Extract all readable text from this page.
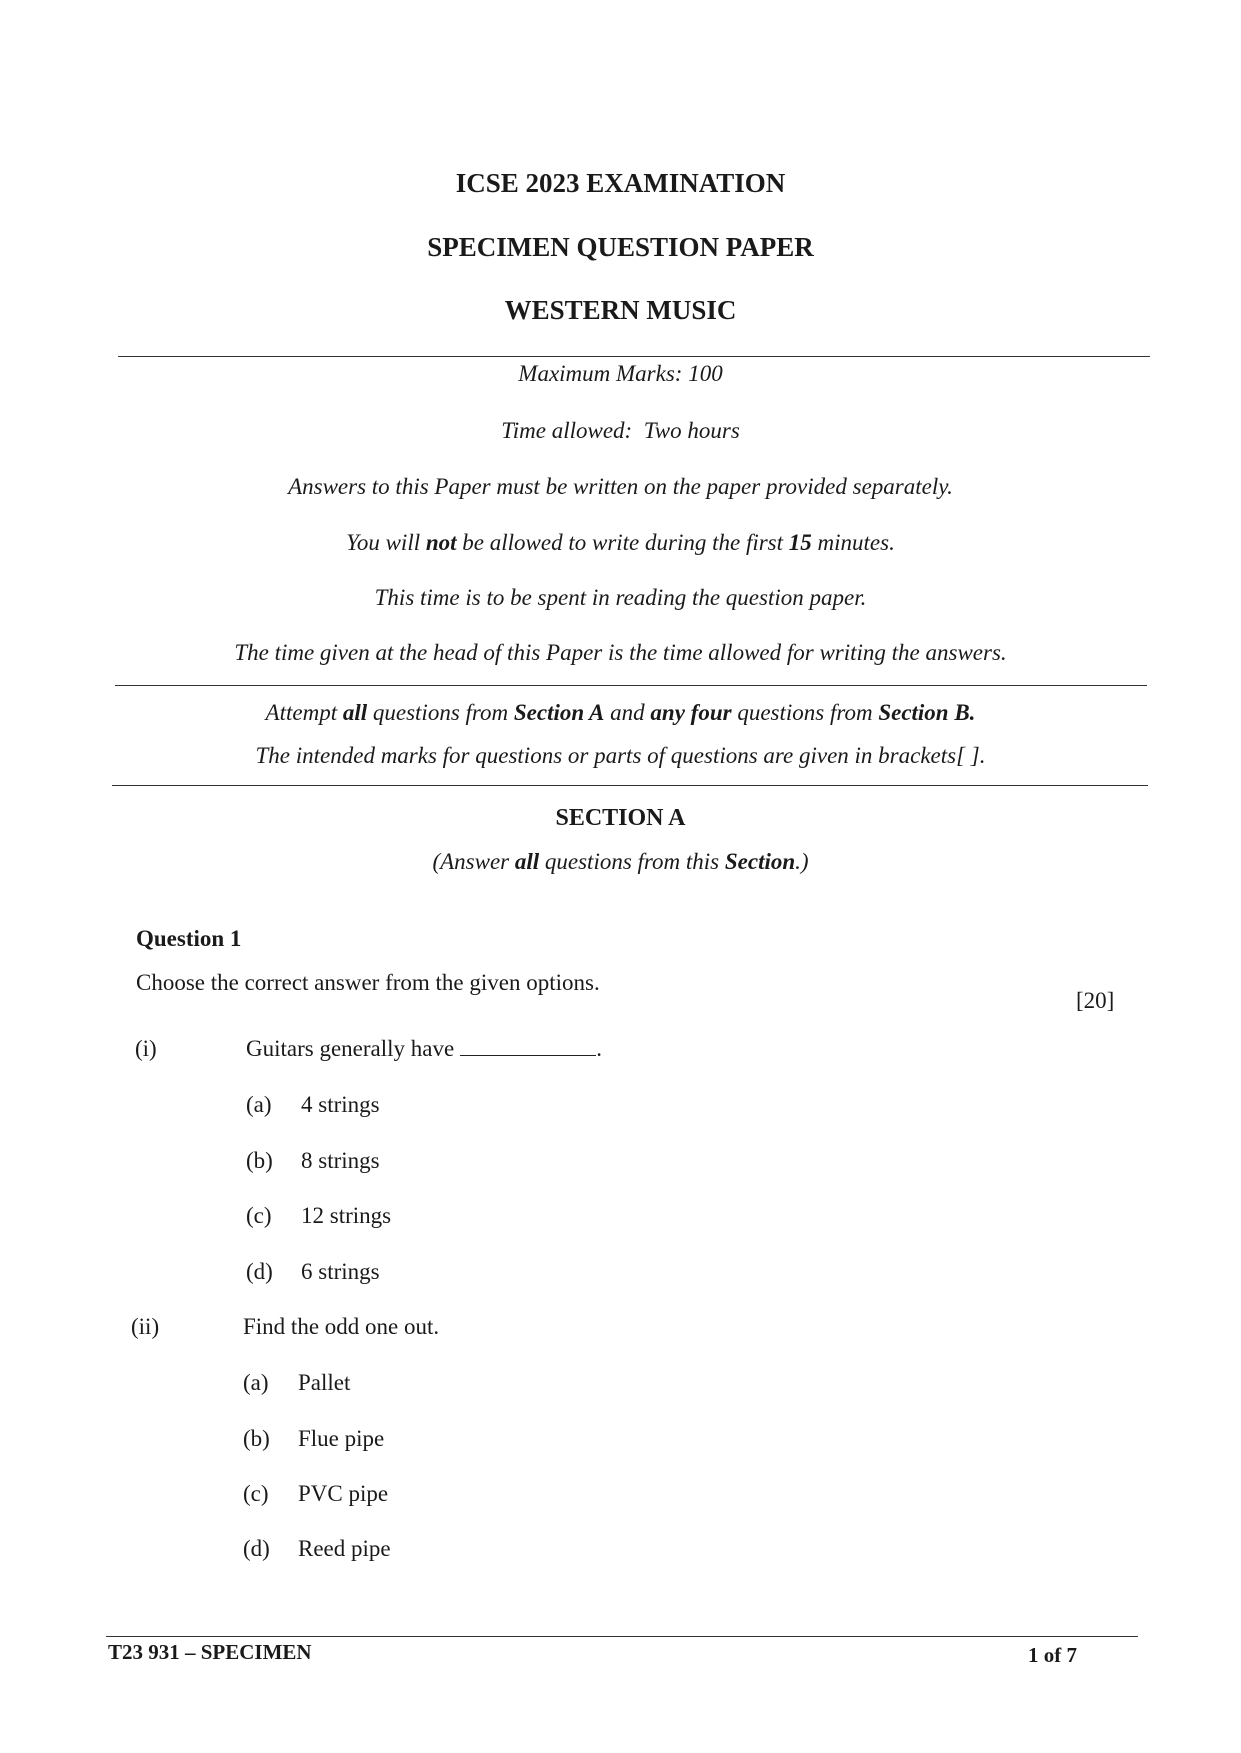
ICSE 2023 EXAMINATION
SPECIMEN QUESTION PAPER
WESTERN MUSIC
Maximum Marks: 100
Time allowed:  Two hours
Answers to this Paper must be written on the paper provided separately.
You will not be allowed to write during the first 15 minutes.
This time is to be spent in reading the question paper.
The time given at the head of this Paper is the time allowed for writing the answers.
Attempt all questions from Section A and any four questions from Section B.
The intended marks for questions or parts of questions are given in brackets[ ].
SECTION A
(Answer all questions from this Section.)
Question 1
Choose the correct answer from the given options.
[20]
(i)	Guitars generally have	.
(a) 4 strings
(b) 8 strings
(c) 12 strings
(d) 6 strings
(ii)	Find the odd one out.
(a) Pallet
(b) Flue pipe
(c) PVC pipe
(d) Reed pipe
T23 931 – SPECIMEN	1 of 7
